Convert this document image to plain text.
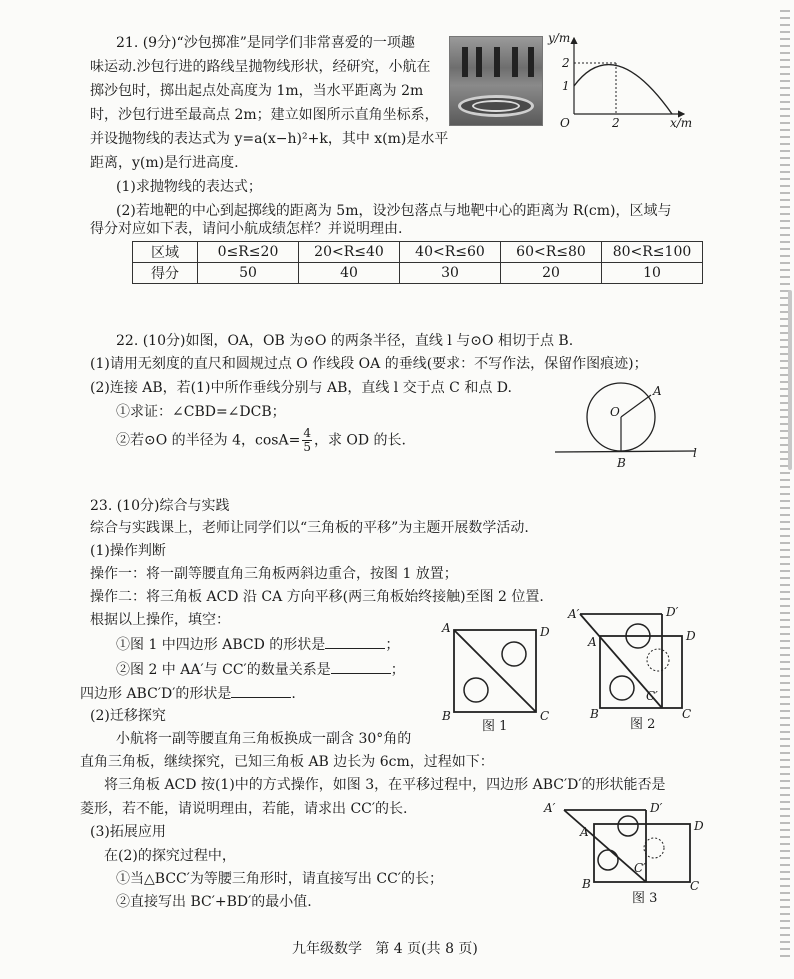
21. (9分)“沙包掷准”是同学们非常喜爱的一项趣
味运动.沙包行进的路线呈抛物线形状，经研究，小航在
掷沙包时，掷出起点处高度为 1m，当水平距离为 2m
时，沙包行进至最高点 2m；建立如图所示直角坐标系，
并设抛物线的表达式为 y=a(x−h)²+k，其中 x(m)是水平
距离，y(m)是行进高度.
(1)求抛物线的表达式；
(2)若地靶的中心到起掷线的距离为 5m，设沙包落点与地靶中心的距离为 R(cm)，区域与
得分对应如下表，请问小航成绩怎样？并说明理由.
y/m
2
1
O	2	x/m
区域	0≤R≤20	20<R≤40	40<R≤60	60<R≤80	80<R≤100
得分	50	40	30	20	10
22. (10分)如图，OA，OB 为⊙O 的两条半径，直线 l 与⊙O 相切于点 B.
(1)请用无刻度的直尺和圆规过点 O 作线段 OA 的垂线(要求：不写作法，保留作图痕迹)；
(2)连接 AB，若(1)中所作垂线分别与 AB，直线 l 交于点 C 和点 D.
①求证：∠CBD=∠DCB；
②若⊙O 的半径为 4，$\cos A= \frac{4}{5}$ ，求 OD 的长.
A
O
B
l
23. (10分)综合与实践
综合与实践课上，老师让同学们以“三角板的平移”为主题开展数学活动.
(1)操作判断
操作一：将一副等腰直角三角板两斜边重合，按图 1 放置；
操作二：将三角板 ACD 沿 CA 方向平移(两三角板始终接触)至图 2 位置.
根据以上操作，填空：
①图 1 中四边形 ABCD 的形状是	；
②图 2 中 AA′与 CC′的数量关系是	；
四边形 ABC′D′的形状是	.
(2)迁移探究
小航将一副等腰直角三角板换成一副含 30°角的
直角三角板，继续探究，已知三角板 AB 边长为 6cm，过程如下：
将三角板 ACD 按(1)中的方式操作，如图 3，在平移过程中，四边形 ABC′D′的形状能否是
菱形，若不能，请说明理由，若能，请求出 CC′的长.
(3)拓展应用
在(2)的探究过程中，
①当△BCC′为等腰三角形时，请直接写出 CC′的长；
②直接写出 BC′+BD′的最小值.
A	D
B	C
图 1
A′	D′
A	D
C′
B	C
图 2
A′	D′
A	D
C′
B	C
图 3
九年级数学 第 4 页(共 8 页)
